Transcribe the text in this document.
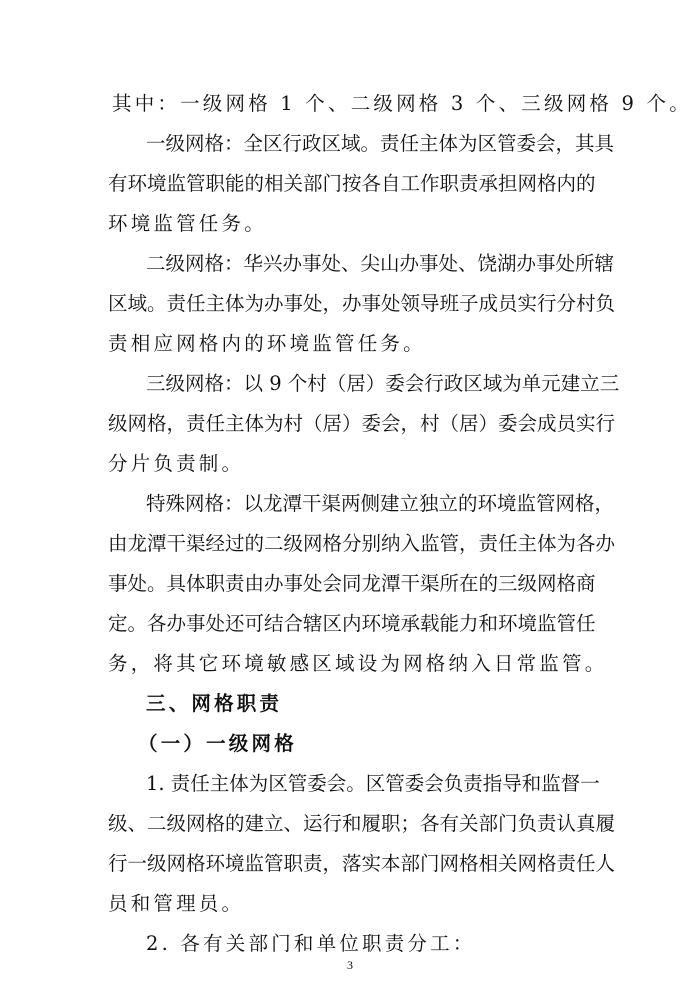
其中：一级网格 1 个、二级网格 3 个、三级网格 9 个。
一级网格：全区行政区域。责任主体为区管委会，其具
有环境监管职能的相关部门按各自工作职责承担网格内的
环境监管任务。
二级网格：华兴办事处、尖山办事处、饶湖办事处所辖
区域。责任主体为办事处，办事处领导班子成员实行分村负
责相应网格内的环境监管任务。
三级网格：以 9 个村（居）委会行政区域为单元建立三
级网格，责任主体为村（居）委会，村（居）委会成员实行
分片负责制。
特殊网格：以龙潭干渠两侧建立独立的环境监管网格，
由龙潭干渠经过的二级网格分别纳入监管，责任主体为各办
事处。具体职责由办事处会同龙潭干渠所在的三级网格商
定。各办事处还可结合辖区内环境承载能力和环境监管任
务，将其它环境敏感区域设为网格纳入日常监管。
三、网格职责
（一）一级网格
1. 责任主体为区管委会。区管委会负责指导和监督一
级、二级网格的建立、运行和履职；各有关部门负责认真履
行一级网格环境监管职责，落实本部门网格相关网格责任人
员和管理员。
2. 各有关部门和单位职责分工：
3
